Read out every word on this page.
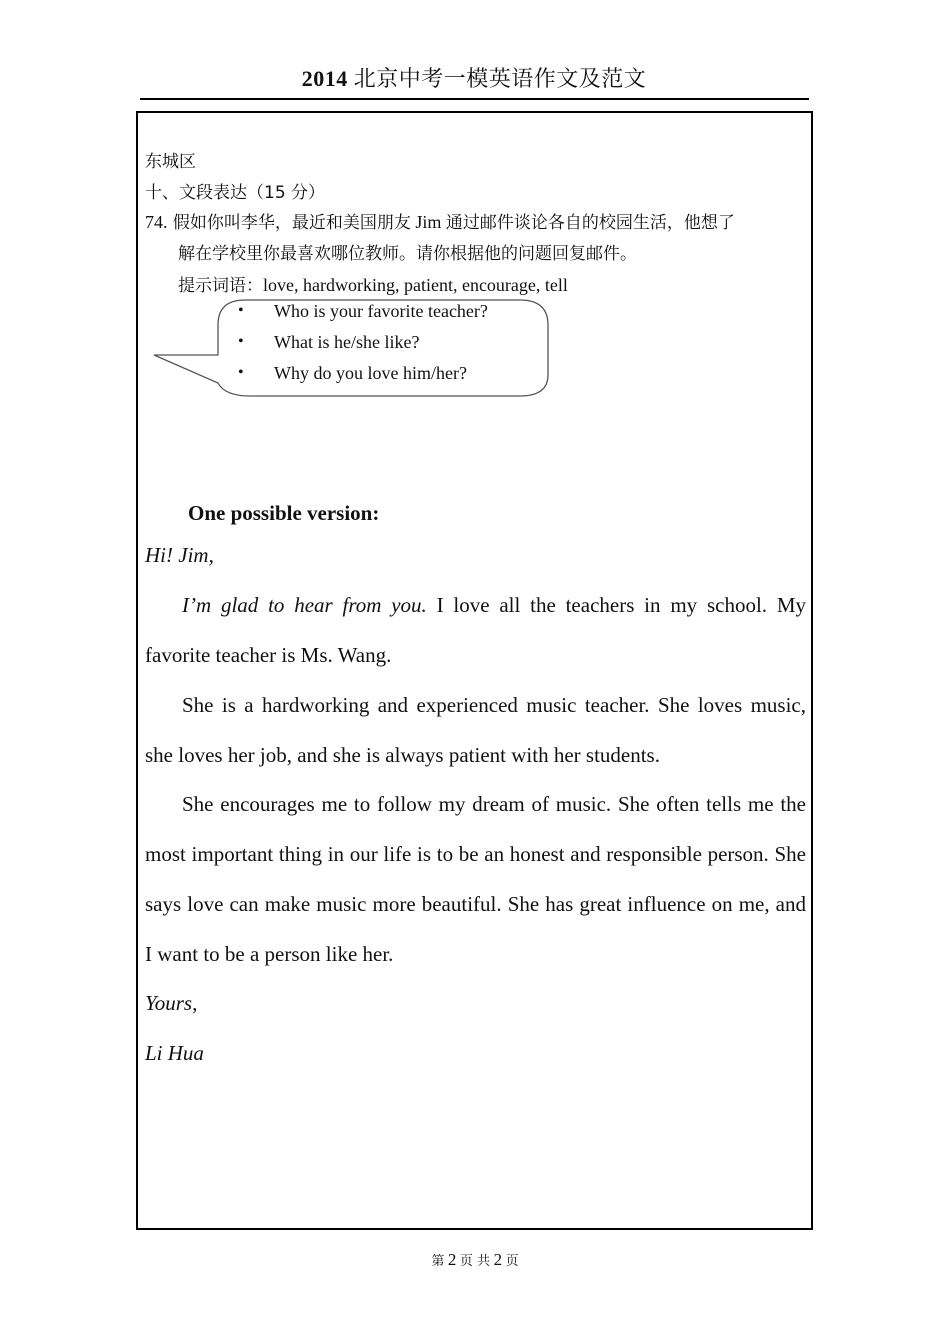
2014 北京中考一模英语作文及范文
东城区
十、文段表达（15 分）
74. 假如你叫李华，最近和美国朋友 Jim 通过邮件谈论各自的校园生活，他想了
解在学校里你最喜欢哪位教师。请你根据他的问题回复邮件。
提示词语：love, hardworking, patient, encourage, tell
• Who is your favorite teacher?
• What is he/she like?
• Why do you love him/her?
One possible version:
Hi! Jim,

I’m glad to hear from you. I love all the teachers in my school. My favorite teacher is Ms. Wang.

She is a hardworking and experienced music teacher. She loves music, she loves her job, and she is always patient with her students.

She encourages me to follow my dream of music. She often tells me the most important thing in our life is to be an honest and responsible person. She says love can make music more beautiful. She has great influence on me, and I want to be a person like her.

Yours,
Li Hua
第 2 页 共 2 页
